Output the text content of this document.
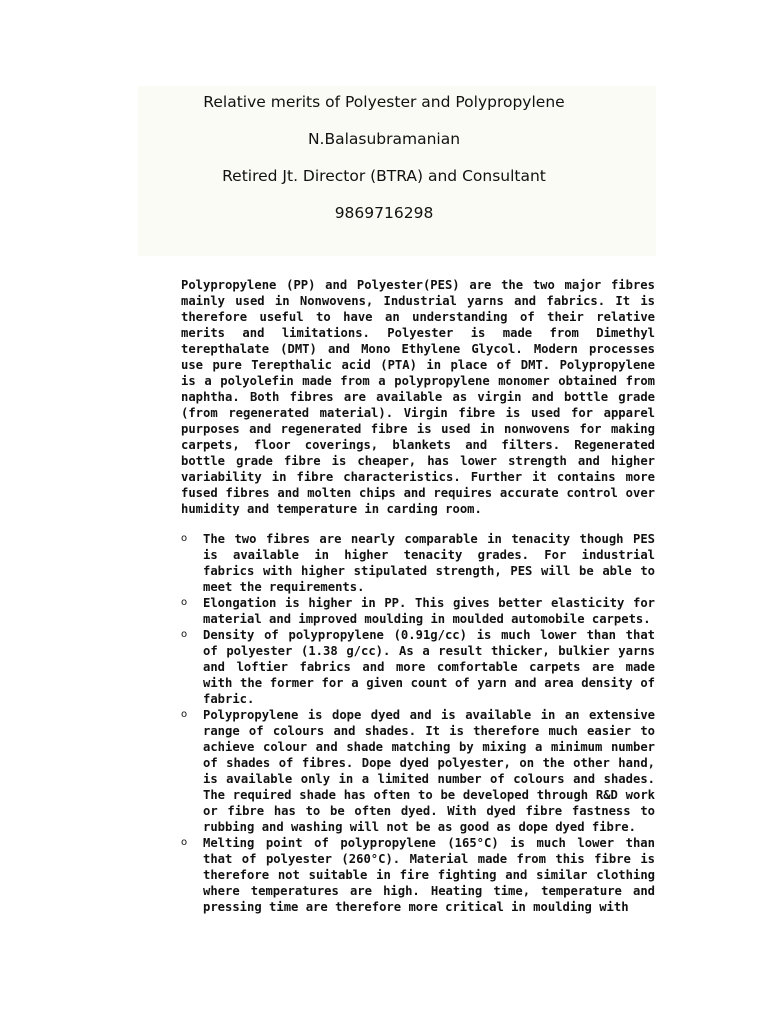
Relative merits of Polyester and Polypropylene
N.Balasubramanian
Retired Jt. Director (BTRA) and Consultant
9869716298

Polypropylene (PP) and Polyester(PES) are the two major fibres mainly used in Nonwovens, Industrial yarns and fabrics. It is therefore useful to have an understanding of their relative merits and limitations. Polyester is made from Dimethyl terepthalate (DMT) and Mono Ethylene Glycol. Modern processes use pure Terepthalic acid (PTA) in place of DMT. Polypropylene is a polyolefin made from a polypropylene monomer obtained from naphtha. Both fibres are available as virgin and bottle grade (from regenerated material). Virgin fibre is used for apparel purposes and regenerated fibre is used in nonwovens for making carpets, floor coverings, blankets and filters. Regenerated bottle grade fibre is cheaper, has lower strength and higher variability in fibre characteristics. Further it contains more fused fibres and molten chips and requires accurate control over humidity and temperature in carding room.

o The two fibres are nearly comparable in tenacity though PES is available in higher tenacity grades. For industrial fabrics with higher stipulated strength, PES will be able to meet the requirements.
o Elongation is higher in PP. This gives better elasticity for material and improved moulding in moulded automobile carpets.
o Density of polypropylene (0.91g/cc) is much lower than that of polyester (1.38 g/cc). As a result thicker, bulkier yarns and loftier fabrics and more comfortable carpets are made with the former for a given count of yarn and area density of fabric.
o Polypropylene is dope dyed and is available in an extensive range of colours and shades. It is therefore much easier to achieve colour and shade matching by mixing a minimum number of shades of fibres. Dope dyed polyester, on the other hand, is available only in a limited number of colours and shades. The required shade has often to be developed through R&D work or fibre has to be often dyed. With dyed fibre fastness to rubbing and washing will not be as good as dope dyed fibre.
o Melting point of polypropylene (165°C) is much lower than that of polyester (260°C). Material made from this fibre is therefore not suitable in fire fighting and similar clothing where temperatures are high. Heating time, temperature and pressing time are therefore more critical in moulding with
